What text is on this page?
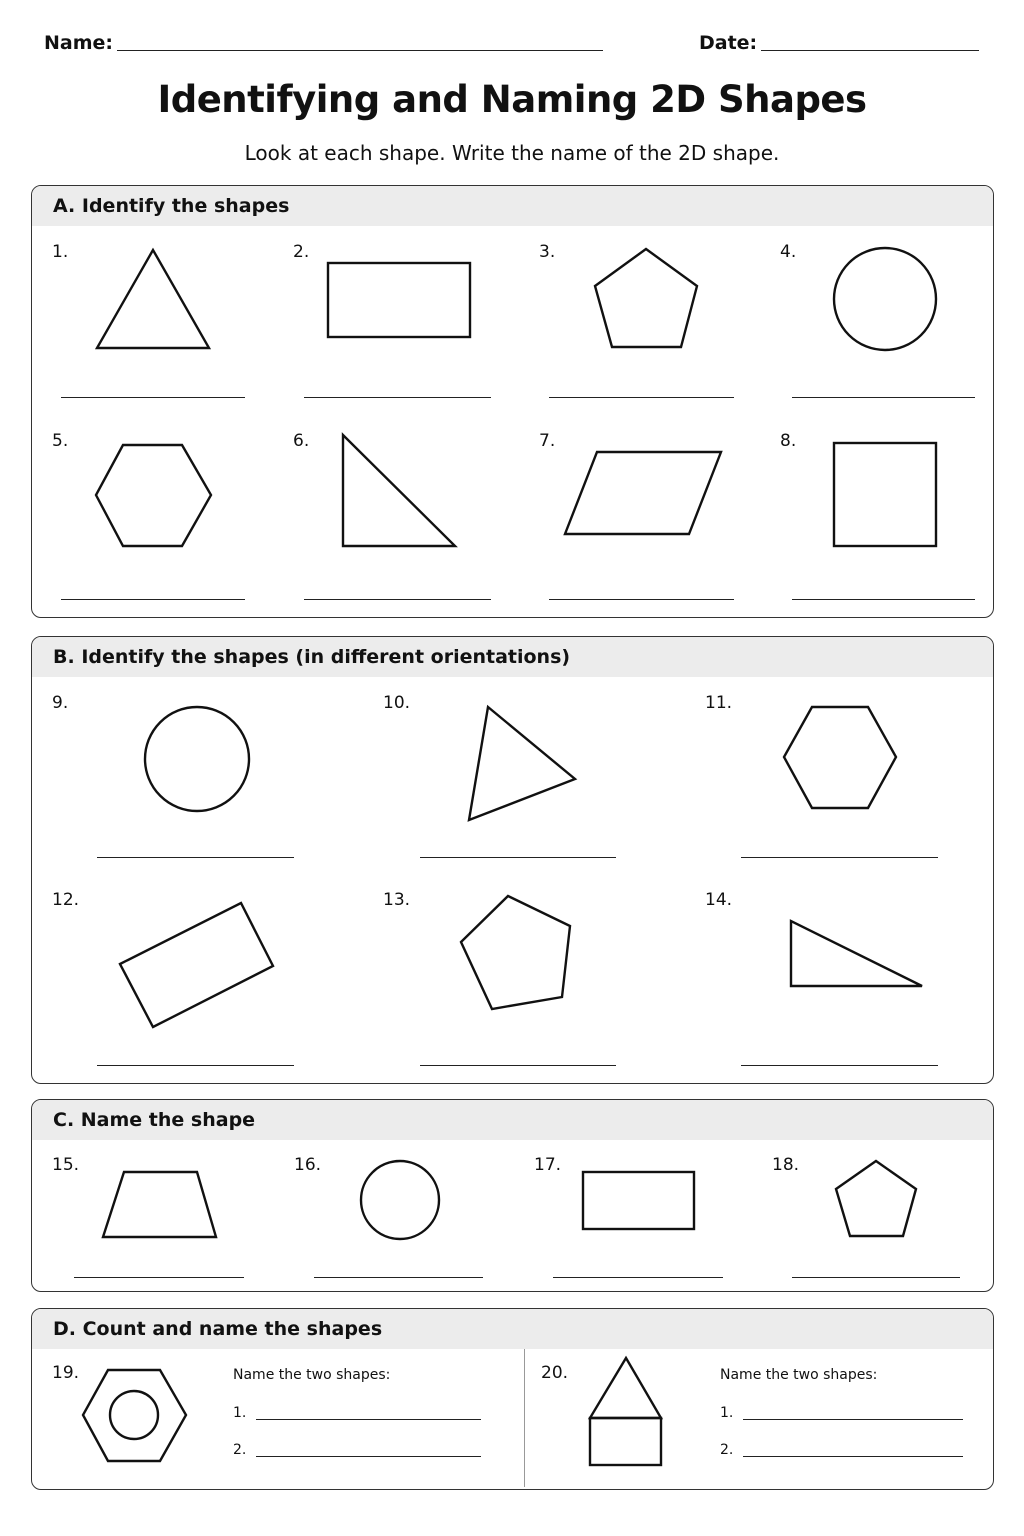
Name:	Date:
Identifying and Naming 2D Shapes
Look at each shape. Write the name of the 2D shape.
A. Identify the shapes
1.	2.	3.	4.
5.	6.	7.	8.
B. Identify the shapes (in different orientations)
9.	10.	11.
12.	13.	14.
C. Name the shape
15.	16.	17.	18.
D. Count and name the shapes
19.	20.
Name the two shapes:
1.
2.
Name the two shapes:
1.
2.
